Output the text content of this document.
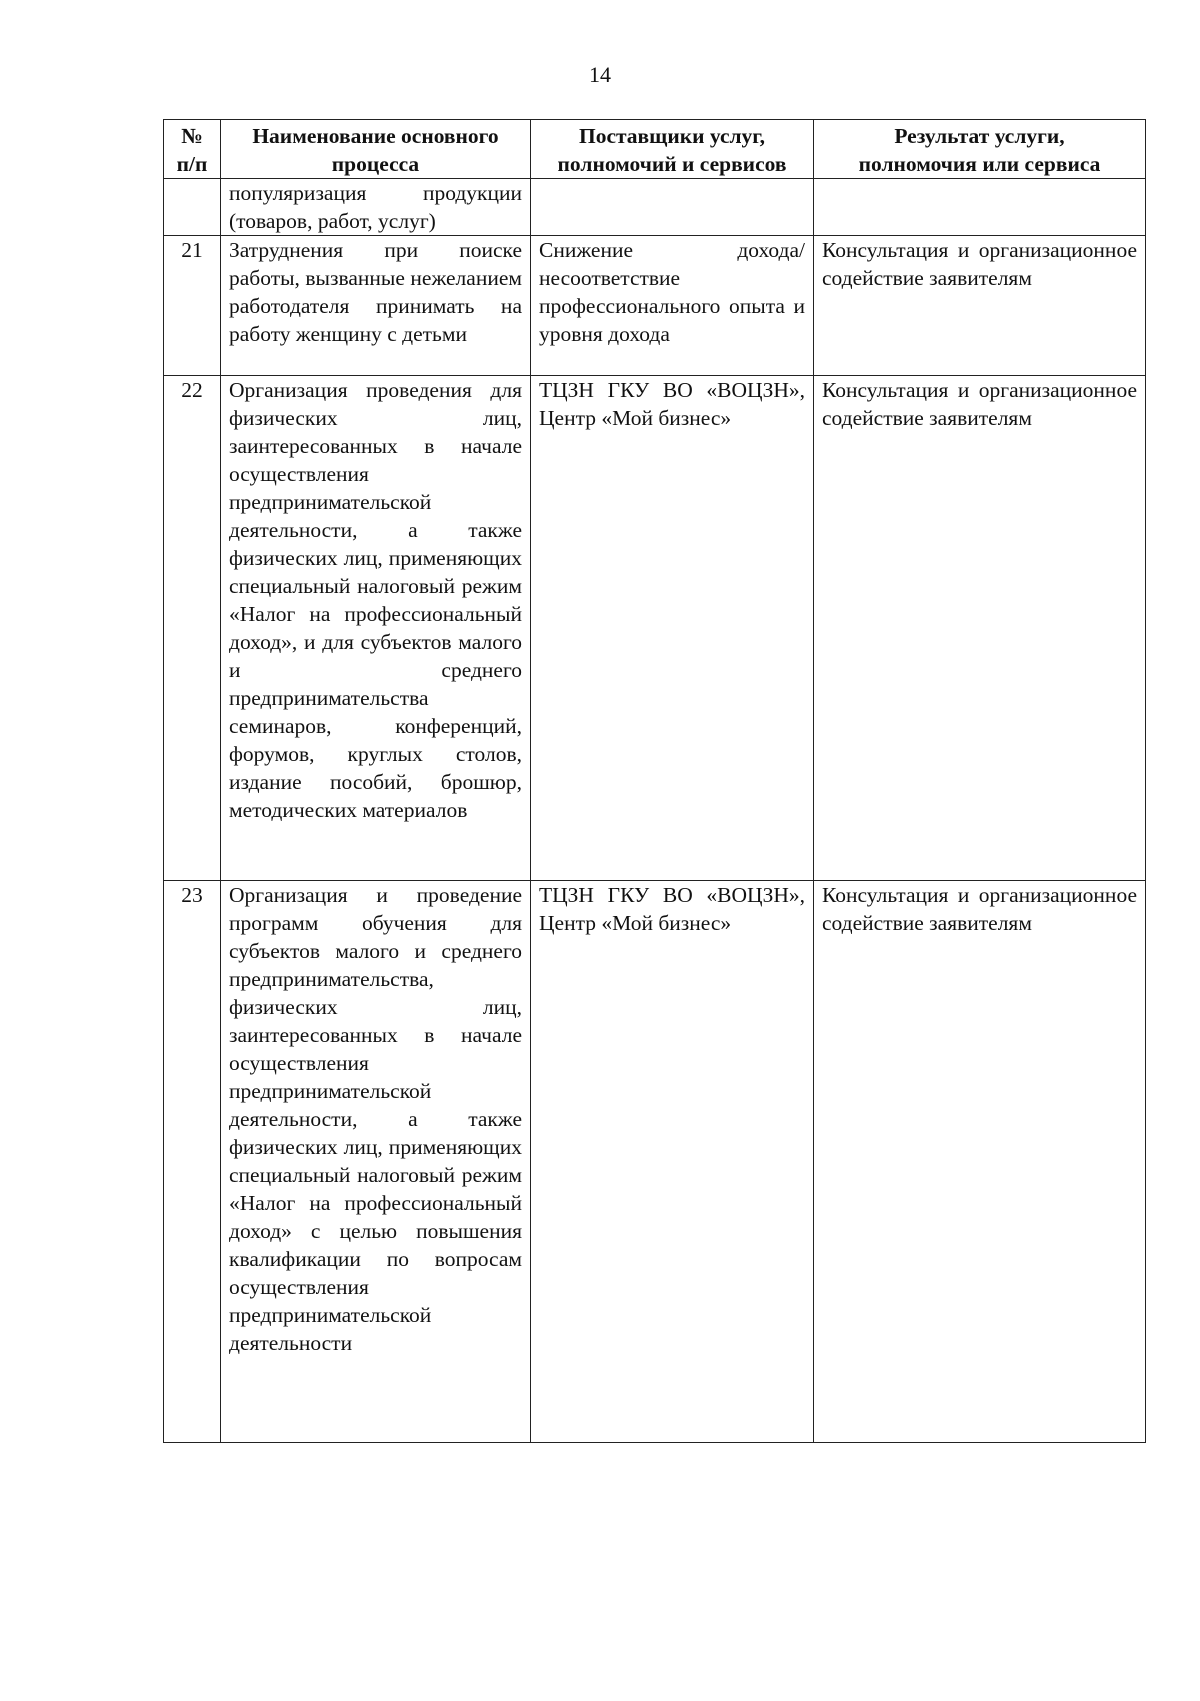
14
№ п/п	Наименование основного процесса	Поставщики услуг, полномочий и сервисов	Результат услуги, полномочия или сервиса
	популяризация продукции (товаров, работ, услуг)		
21	Затруднения при поиске работы, вызванные нежеланием работодателя принимать на работу женщину с детьми	Снижение дохода/ несоответствие профессионального опыта и уровня дохода	Консультация и организационное содействие заявителям
22	Организация проведения для физических лиц, заинтересованных в начале осуществления предпринимательской деятельности, а также физических лиц, применяющих специальный налоговый режим «Налог на профессиональный доход», и для субъектов малого и среднего предпринимательства семинаров, конференций, форумов, круглых столов, издание пособий, брошюр, методических материалов	ТЦЗН ГКУ ВО «ВОЦЗН», Центр «Мой бизнес»	Консультация и организационное содействие заявителям
23	Организация и проведение программ обучения для субъектов малого и среднего предпринимательства, физических лиц, заинтересованных в начале осуществления предпринимательской деятельности, а также физических лиц, применяющих специальный налоговый режим «Налог на профессиональный доход» с целью повышения квалификации по вопросам осуществления предпринимательской деятельности	ТЦЗН ГКУ ВО «ВОЦЗН», Центр «Мой бизнес»	Консультация и организационное содействие заявителям
